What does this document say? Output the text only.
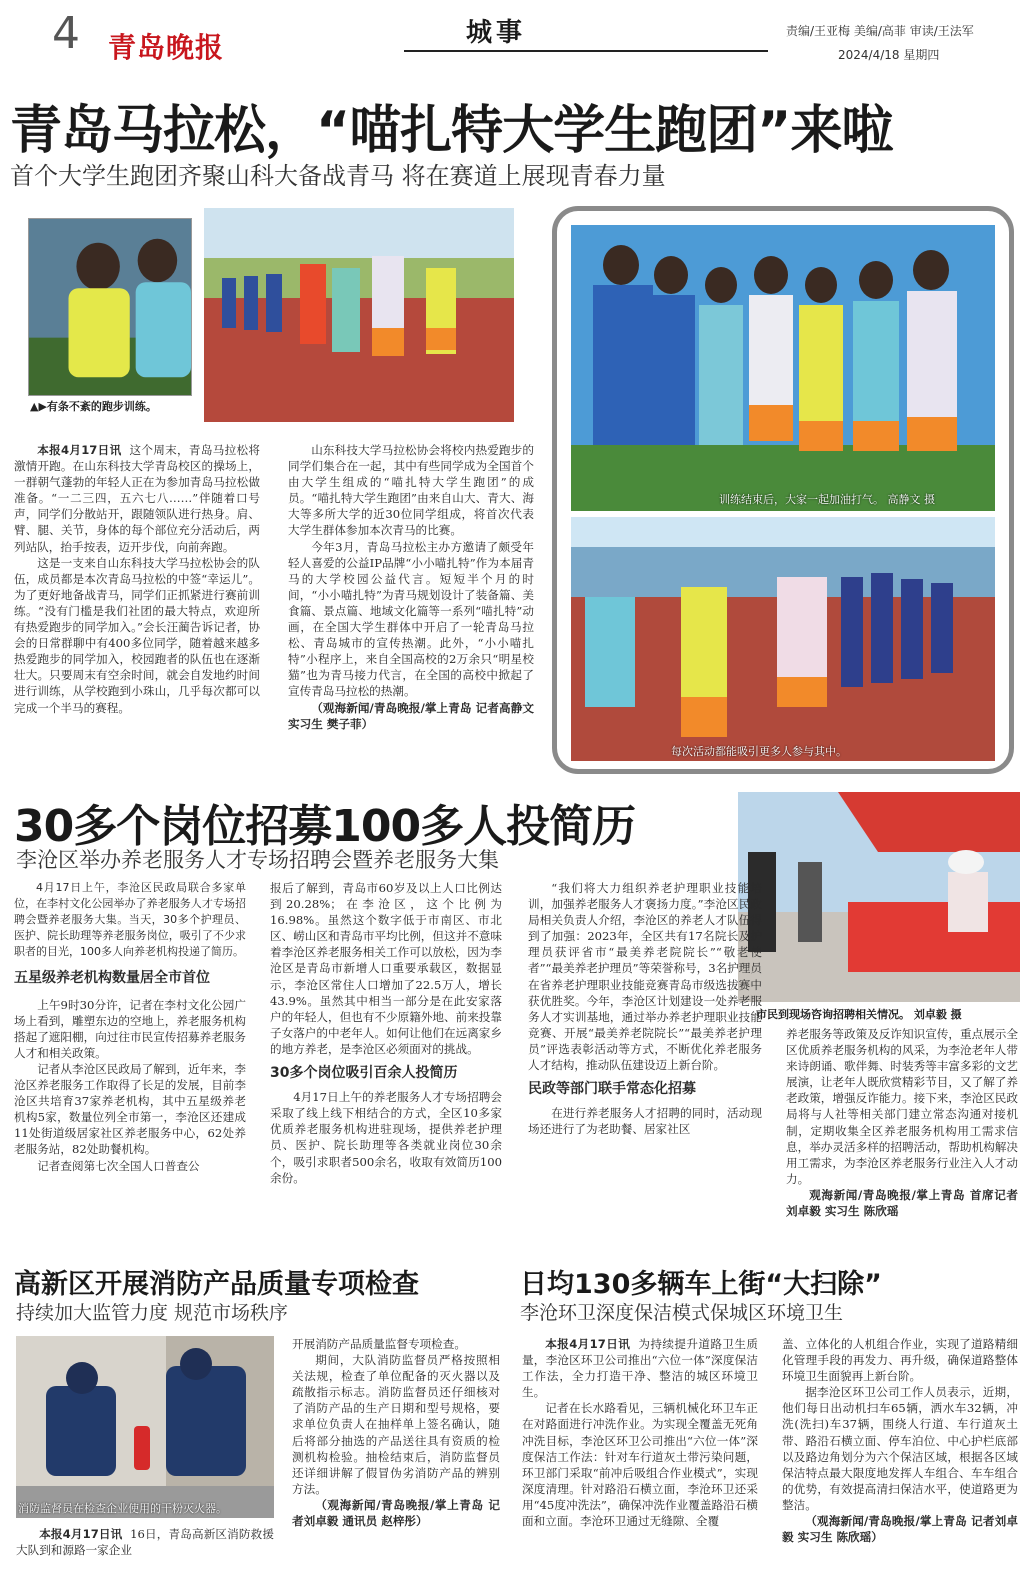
4 青岛晚报	城事	责编/王亚梅 美编/高菲 审读/王法军
2024/4/18 星期四
青岛马拉松，“喵扎特大学生跑团”来啦
首个大学生跑团齐聚山科大备战青马 将在赛道上展现青春力量
▲▶有条不紊的跑步训练。
训练结束后，大家一起加油打气。 高静文 摄
每次活动都能吸引更多人参与其中。

本报4月17日讯 这个周末，青岛马拉松将激情开跑。在山东科技大学青岛校区的操场上，一群朝气蓬勃的年轻人正在为参加青岛马拉松做准备。“一二三四，五六七八……”伴随着口号声，同学们分散站开，跟随领队进行热身。肩、臂、腿、关节，身体的每个部位充分活动后，两列站队，抬手按表，迈开步伐，向前奔跑。

这是一支来自山东科技大学马拉松协会的队伍，成员都是本次青岛马拉松的中签“幸运儿”。为了更好地备战青马，同学们正抓紧进行赛前训练。“没有门槛是我们社团的最大特点，欢迎所有热爱跑步的同学加入。”会长汪蔺告诉记者，协会的日常群聊中有400多位同学，随着越来越多热爱跑步的同学加入，校园跑者的队伍也在逐渐壮大。只要周末有空余时间，就会自发地约时间进行训练，从学校跑到小珠山，几乎每次都可以完成一个半马的赛程。

山东科技大学马拉松协会将校内热爱跑步的同学们集合在一起，其中有些同学成为全国首个由大学生组成的“喵扎特大学生跑团”的成员。“喵扎特大学生跑团”由来自山大、青大、海大等多所大学的近30位同学组成，将首次代表大学生群体参加本次青马的比赛。

今年3月，青岛马拉松主办方邀请了颇受年轻人喜爱的公益IP品牌“小小喵扎特”作为本届青马的大学校园公益代言。短短半个月的时间，“小小喵扎特”为青马规划设计了装备篇、美食篇、景点篇、地域文化篇等一系列“喵扎特”动画，在全国大学生群体中开启了一轮青岛马拉松、青岛城市的宣传热潮。此外，“小小喵扎特”小程序上，来自全国高校的2万余只“明星校猫”也为青马接力代言，在全国的高校中掀起了宣传青岛马拉松的热潮。

（观海新闻/青岛晚报/掌上青岛 记者高静文 实习生 樊子菲）

30多个岗位招募100多人投简历
李沧区举办养老服务人才专场招聘会暨养老服务大集
市民到现场咨询招聘相关情况。 刘卓毅 摄

4月17日上午，李沧区民政局联合多家单位，在李村文化公园举办了养老服务人才专场招聘会暨养老服务大集。当天，30多个护理员、医护、院长助理等养老服务岗位，吸引了不少求职者的目光，100多人向养老机构投递了简历。

五星级养老机构数量居全市首位

上午9时30分许，记者在李村文化公园广场上看到，雕塑东边的空地上，养老服务机构搭起了遮阳棚，向过往市民宣传招募养老服务人才和相关政策。

记者从李沧区民政局了解到，近年来，李沧区养老服务工作取得了长足的发展，目前李沧区共培育37家养老机构，其中五星级养老机构5家，数量位列全市第一，李沧区还建成11处街道级居家社区养老服务中心，62处养老服务站，82处助餐机构。

记者查阅第七次全国人口普查公

报后了解到，青岛市60岁及以上人口比例达到20.28%；在李沧区，这个比例为16.98%。虽然这个数字低于市南区、市北区、崂山区和青岛市平均比例，但这并不意味着李沧区养老服务相关工作可以放松，因为李沧区是青岛市新增人口重要承载区，数据显示，李沧区常住人口增加了22.5万人，增长43.9%。虽然其中相当一部分是在此安家落户的年轻人，但也有不少原籍外地、前来投靠子女落户的中老年人。如何让他们在远离家乡的地方养老，是李沧区必须面对的挑战。

30多个岗位吸引百余人投简历

4月17日上午的养老服务人才专场招聘会采取了线上线下相结合的方式，全区10多家优质养老服务机构进驻现场，提供养老护理员、医护、院长助理等各类就业岗位30余个，吸引求职者500余名，收取有效简历100余份。

“我们将大力组织养老护理职业技能培训，加强养老服务人才褒扬力度。”李沧区民政局相关负责人介绍，李沧区的养老人才队伍得到了加强：2023年，全区共有17名院长及护理员获评省市“最美养老院院长”“敬老使者”“最美养老护理员”等荣誉称号，3名护理员在省养老护理职业技能竞赛青岛市级选拔赛中获优胜奖。今年，李沧区计划建设一处养老服务人才实训基地，通过举办养老护理职业技能竞赛、开展“最美养老院院长”“最美养老护理员”评选表彰活动等方式，不断优化养老服务人才结构，推动队伍建设迈上新台阶。

民政等部门联手常态化招募

在进行养老服务人才招聘的同时，活动现场还进行了为老助餐、居家社区

养老服务等政策及反诈知识宣传，重点展示全区优质养老服务机构的风采，为李沧老年人带来诗朗诵、歌伴舞、时装秀等丰富多彩的文艺展演，让老年人既欣赏精彩节目，又了解了养老政策，增强反诈能力。接下来，李沧区民政局将与人社等相关部门建立常态沟通对接机制，定期收集全区养老服务机构用工需求信息，举办灵活多样的招聘活动，帮助机构解决用工需求，为李沧区养老服务行业注入人才动力。

观海新闻/青岛晚报/掌上青岛 首席记者 刘卓毅 实习生 陈欣瑶

高新区开展消防产品质量专项检查
持续加大监管力度 规范市场秩序
消防监督员在检查企业使用的干粉灭火器。

本报4月17日讯 16日，青岛高新区消防救援大队到和源路一家企业

开展消防产品质量监督专项检查。

期间，大队消防监督员严格按照相关法规，检查了单位配备的灭火器以及疏散指示标志。消防监督员还仔细核对了消防产品的生产日期和型号规格，要求单位负责人在抽样单上签名确认，随后将部分抽选的产品送往具有资质的检测机构检验。抽检结束后，消防监督员还详细讲解了假冒伪劣消防产品的辨别方法。

（观海新闻/青岛晚报/掌上青岛 记者刘卓毅 通讯员 赵梓彤）

日均130多辆车上街“大扫除”
李沧环卫深度保洁模式保城区环境卫生

本报4月17日讯 为持续提升道路卫生质量，李沧区环卫公司推出“六位一体”深度保洁工作法，全力打造干净、整洁的城区环境卫生。

记者在长水路看见，三辆机械化环卫车正在对路面进行冲洗作业。为实现全覆盖无死角冲洗目标，李沧区环卫公司推出“六位一体”深度保洁工作法：针对车行道灰土带污染问题，环卫部门采取“前冲后吸组合作业模式”，实现深度清理。针对路沿石横立面，李沧环卫还采用“45度冲洗法”，确保冲洗作业覆盖路沿石横面和立面。李沧环卫通过无缝隙、全覆

盖、立体化的人机组合作业，实现了道路精细化管理手段的再发力、再升级，确保道路整体环境卫生面貌再上新台阶。

据李沧区环卫公司工作人员表示，近期，他们每日出动机扫车65辆，洒水车32辆，冲洗(洗扫)车37辆，围绕人行道、车行道灰土带、路沿石横立面、停车泊位、中心护栏底部以及路边角划分为六个保洁区域，根据各区域保洁特点最大限度地发挥人车组合、车车组合的优势，有效提高清扫保洁水平，使道路更为整洁。

（观海新闻/青岛晚报/掌上青岛 记者刘卓毅 实习生 陈欣瑶）
